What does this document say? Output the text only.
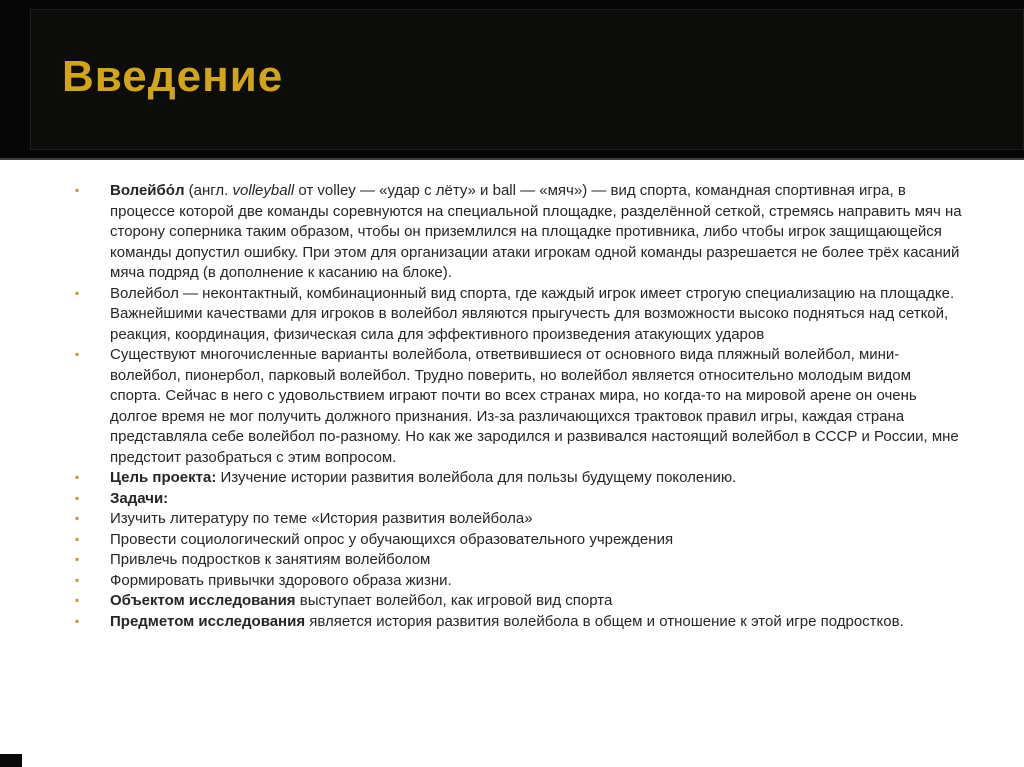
Введение
▪	Волейбо́л (англ. volleyball от volley — «удар с лёту» и ball — «мяч») — вид спорта, командная спортивная игра, в процессе которой две команды соревнуются на специальной площадке, разделённой сеткой, стремясь направить мяч на сторону соперника таким образом, чтобы он приземлился на площадке противника, либо чтобы игрок защищающейся команды допустил ошибку. При этом для организации атаки игрокам одной команды разрешается не более трёх касаний мяча подряд (в дополнение к касанию на блоке).
▪	Волейбол — неконтактный, комбинационный вид спорта, где каждый игрок имеет строгую специализацию на площадке. Важнейшими качествами для игроков в волейбол являются прыгучесть для возможности высоко подняться над сеткой, реакция, координация, физическая сила для эффективного произведения атакующих ударов
▪	Существуют многочисленные варианты волейбола, ответвившиеся от основного вида пляжный волейбол, мини-волейбол, пионербол, парковый волейбол. Трудно поверить, но волейбол является относительно молодым видом спорта. Сейчас в него с удовольствием играют почти во всех странах мира, но когда-то на мировой арене он очень долгое время не мог получить должного признания. Из-за различающихся трактовок правил игры, каждая страна представляла себе волейбол по-разному. Но как же зародился и развивался настоящий волейбол в СССР и России, мне предстоит разобраться с этим вопросом.
▪	Цель проекта: Изучение истории развития волейбола для пользы будущему поколению.
▪	Задачи:
▪	Изучить литературу по теме «История развития волейбола»
▪	Провести социологический опрос у обучающихся образовательного учреждения
▪	Привлечь подростков к занятиям волейболом
▪	Формировать привычки здорового образа жизни.
▪	Объектом исследования выступает волейбол, как игровой вид спорта
▪	Предметом исследования является история развития волейбола в общем и отношение к этой игре подростков.
